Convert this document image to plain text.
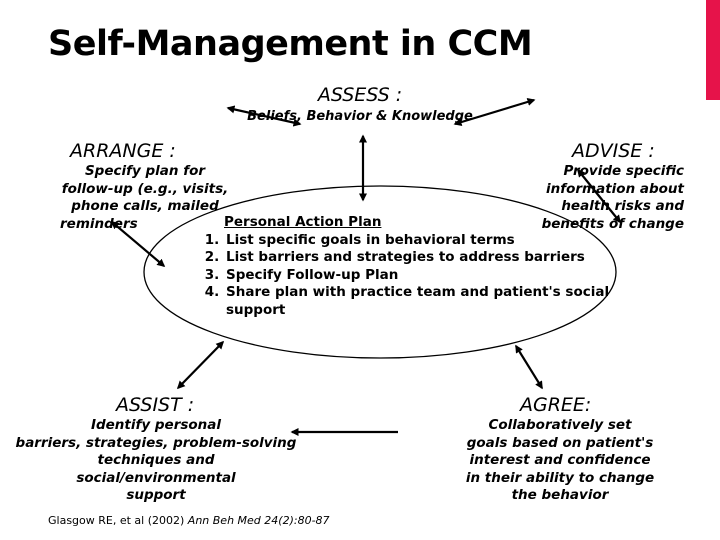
Self-Management in CCM
ASSESS :
Beliefs, Behavior & Knowledge
ARRANGE :
Specify plan for
follow-up (e.g., visits,
phone calls, mailed
reminders
ADVISE :
Provide specific
information about
health risks and
benefits of change
Personal Action Plan
1. List specific goals in behavioral terms
2. List barriers and strategies to address barriers
3. Specify Follow-up Plan
4. Share plan with practice team and patient's social support
ASSIST :
Identify personal
barriers, strategies, problem-solving
techniques and
social/environmental
support
AGREE:
Collaboratively set
goals based on patient's
interest and confidence
in their ability to change
the behavior
Glasgow RE, et al (2002) Ann Beh Med 24(2):80-87
